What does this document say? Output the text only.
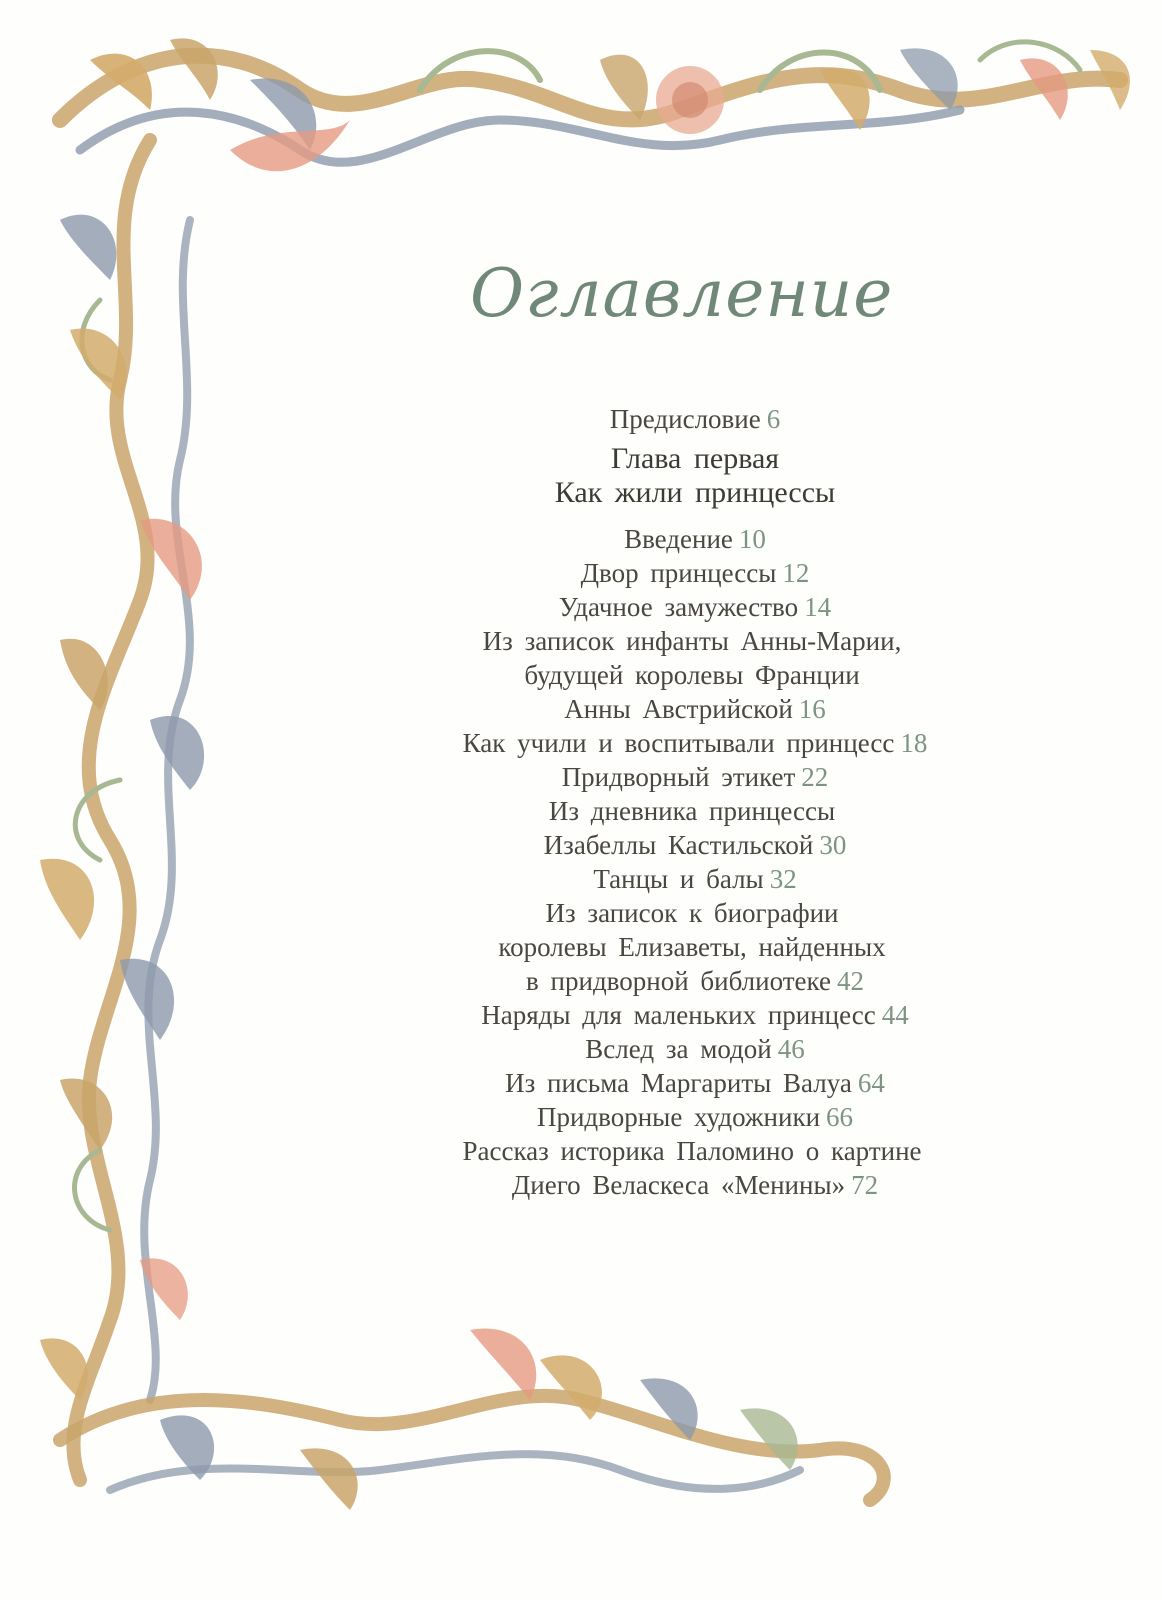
Оглавление
Предисловие 6
Глава первая
Как жили принцессы
Введение 10
Двор принцессы 12
Удачное замужество 14
Из записок инфанты Анны-Марии,
будущей королевы Франции
Анны Австрийской 16
Как учили и воспитывали принцесс 18
Придворный этикет 22
Из дневника принцессы
Изабеллы Кастильской 30
Танцы и балы 32
Из записок к биографии
королевы Елизаветы, найденных
в придворной библиотеке 42
Наряды для маленьких принцесс 44
Вслед за модой 46
Из письма Маргариты Валуа 64
Придворные художники 66
Рассказ историка Паломино о картине
Диего Веласкеса «Менины» 72
